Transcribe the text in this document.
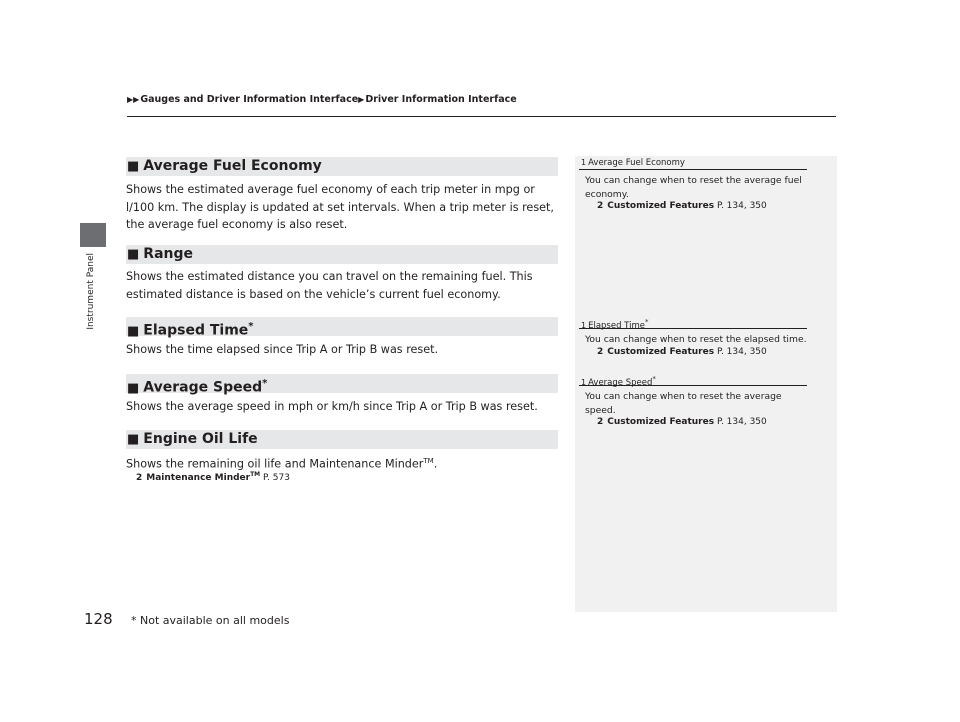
Instrument Panel
▶▶Gauges and Driver Information Interface▶Driver Information Interface
■ Average Fuel Economy
Shows the estimated average fuel economy of each trip meter in mpg or l/100 km. The display is updated at set intervals. When a trip meter is reset, the average fuel economy is also reset.
■ Range
Shows the estimated distance you can travel on the remaining fuel. This estimated distance is based on the vehicle’s current fuel economy.
■ Elapsed Time*
Shows the time elapsed since Trip A or Trip B was reset.
■ Average Speed*
Shows the average speed in mph or km/h since Trip A or Trip B was reset.
■ Engine Oil Life
Shows the remaining oil life and Maintenance Minder™.
2 Maintenance Minder™ P. 573
1 Average Fuel Economy
You can change when to reset the average fuel economy.
2 Customized Features P. 134, 350
1 Elapsed Time*
You can change when to reset the elapsed time.
2 Customized Features P. 134, 350
1 Average Speed*
You can change when to reset the average speed.
2 Customized Features P. 134, 350
128 * Not available on all models
